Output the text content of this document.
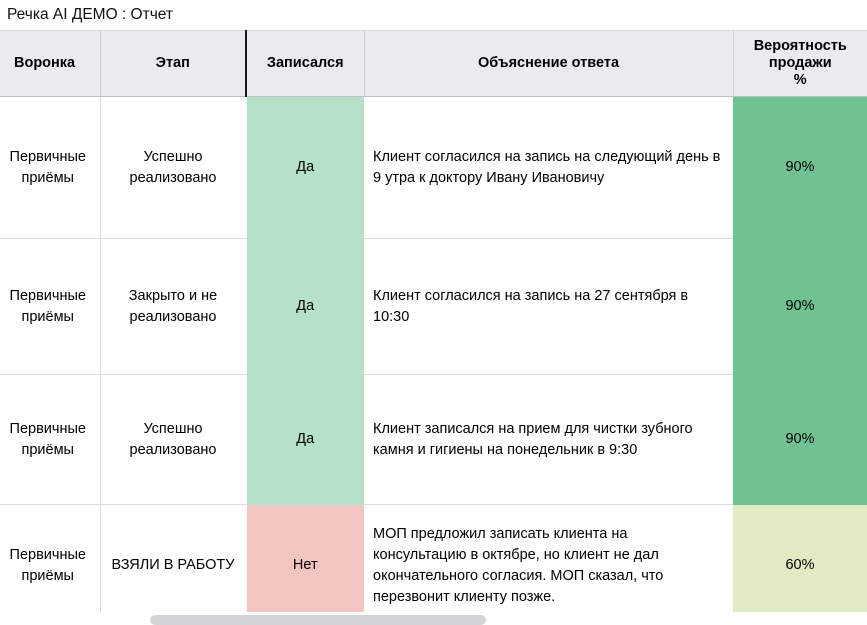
Речка AI ДЕМО : Отчет
Воронка	Этап	Записался	Объяснение ответа	Вероятность
продажи
%

Первичные приёмы	Успешно реализовано	Да	Клиент согласился на запись на следующий день в 9 утра к доктору Ивану Ивановичу	90%
Первичные приёмы	Закрыто и не реализовано	Да	Клиент согласился на запись на 27 сентября в 10:30	90%
Первичные приёмы	Успешно реализовано	Да	Клиент записался на прием для чистки зубного камня и гигиены на понедельник в 9:30	90%
Первичные приёмы	ВЗЯЛИ В РАБОТУ	Нет	МОП предложил записать клиента на консультацию в октябре, но клиент не дал окончательного согласия. МОП сказал, что перезвонит клиенту позже.	60%
